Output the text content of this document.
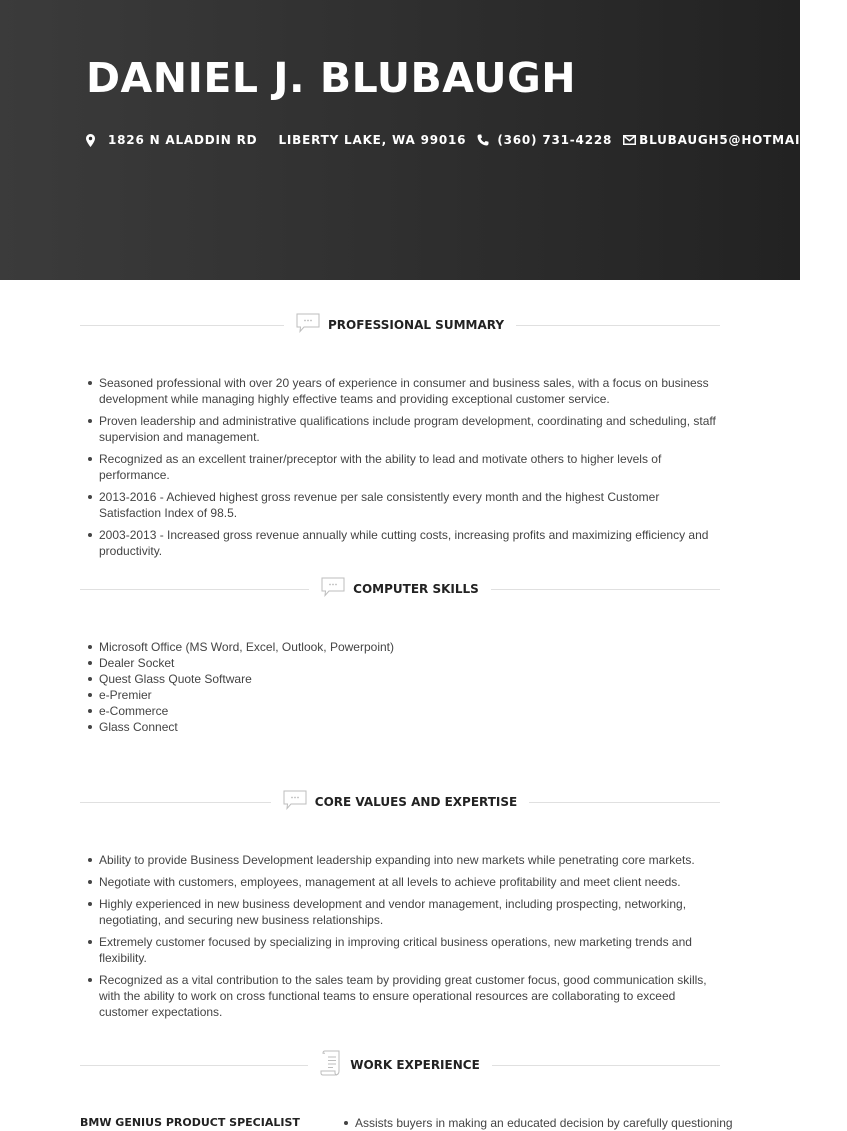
DANIEL J. BLUBAUGH
1826 N ALADDIN RD LIBERTY LAKE, WA 99016	(360) 731-4228 BLUBAUGH5@HOTMAIL.COM
PROFESSIONAL SUMMARY
Seasoned professional with over 20 years of experience in consumer and business sales, with a focus on business development while managing highly effective teams and providing exceptional customer service.
Proven leadership and administrative qualifications include program development, coordinating and scheduling, staff supervision and management.
Recognized as an excellent trainer/preceptor with the ability to lead and motivate others to higher levels of performance.
2013-2016 - Achieved highest gross revenue per sale consistently every month and the highest Customer Satisfaction Index of 98.5.
2003-2013 - Increased gross revenue annually while cutting costs, increasing profits and maximizing efficiency and productivity.
COMPUTER SKILLS
Microsoft Office (MS Word, Excel, Outlook, Powerpoint)
Dealer Socket
Quest Glass Quote Software
e-Premier
e-Commerce
Glass Connect
CORE VALUES AND EXPERTISE
Ability to provide Business Development leadership expanding into new markets while penetrating core markets.
Negotiate with customers, employees, management at all levels to achieve profitability and meet client needs.
Highly experienced in new business development and vendor management, including prospecting, networking, negotiating, and securing new business relationships.
Extremely customer focused by specializing in improving critical business operations, new marketing trends and flexibility.
Recognized as a vital contribution to the sales team by providing great customer focus, good communication skills, with the ability to work on cross functional teams to ensure operational resources are collaborating to exceed customer expectations.
WORK EXPERIENCE
BMW GENIUS PRODUCT SPECIALIST	Assists buyers in making an educated decision by carefully questioning
